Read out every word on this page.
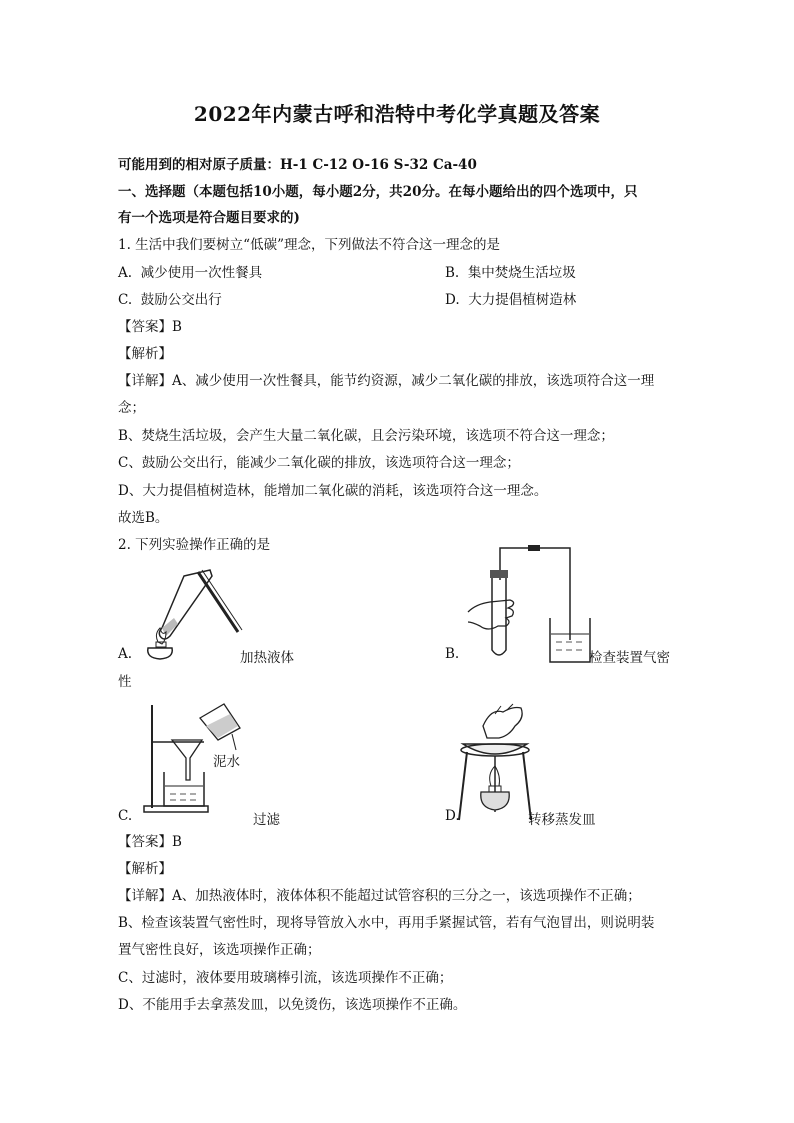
2022年内蒙古呼和浩特中考化学真题及答案
可能用到的相对原子质量：H-1 C-12 O-16 S-32 Ca-40
一、选择题（本题包括10小题，每小题2分，共20分。在每小题给出的四个选项中，只
有一个选项是符合题目要求的)
1. 生活中我们要树立“低碳”理念，下列做法不符合这一理念的是
A. 减少使用一次性餐具	B. 集中焚烧生活垃圾
C. 鼓励公交出行	D. 大力提倡植树造林
【答案】B
【解析】
【详解】A、减少使用一次性餐具，能节约资源，减少二氧化碳的排放，该选项符合这一理
念；
B、焚烧生活垃圾，会产生大量二氧化碳，且会污染环境，该选项不符合这一理念；
C、鼓励公交出行，能减少二氧化碳的排放，该选项符合这一理念；
D、大力提倡植树造林，能增加二氧化碳的消耗，该选项符合这一理念。
故选B。
2. 下列实验操作正确的是
A.	加热液体	B.	检查装置气密
性
泥水
C.	过滤	D.	转移蒸发皿
【答案】B
【解析】
【详解】A、加热液体时，液体体积不能超过试管容积的三分之一，该选项操作不正确；
B、检查该装置气密性时，现将导管放入水中，再用手紧握试管，若有气泡冒出，则说明装
置气密性良好，该选项操作正确；
C、过滤时，液体要用玻璃棒引流，该选项操作不正确；
D、不能用手去拿蒸发皿，以免烫伤，该选项操作不正确。
